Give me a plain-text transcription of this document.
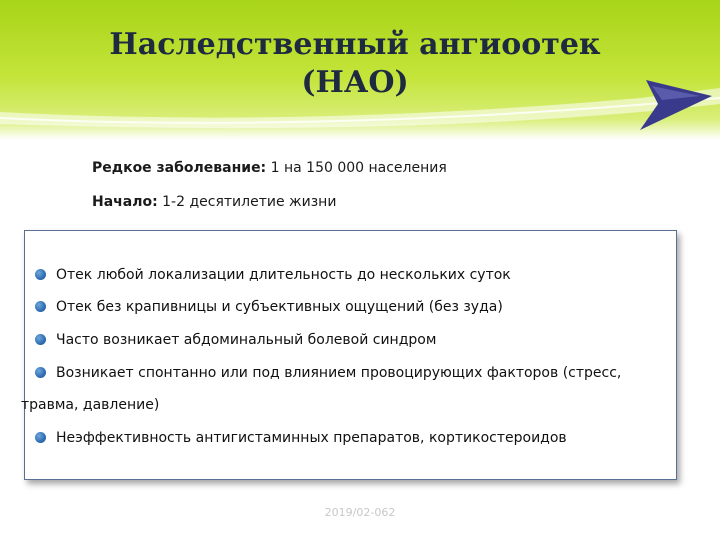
Наследственный ангиоотек
(НАО)
Редкое заболевание: 1 на 150 000 населения
Начало: 1-2 десятилетие жизни
Отек любой локализации длительность до нескольких суток
Отек без крапивницы и субъективных ощущений (без зуда)
Часто возникает абдоминальный болевой синдром
Возникает спонтанно или под влиянием провоцирующих факторов (стресс,
травма, давление)
Неэффективность антигистаминных препаратов, кортикостероидов
2019/02-062
